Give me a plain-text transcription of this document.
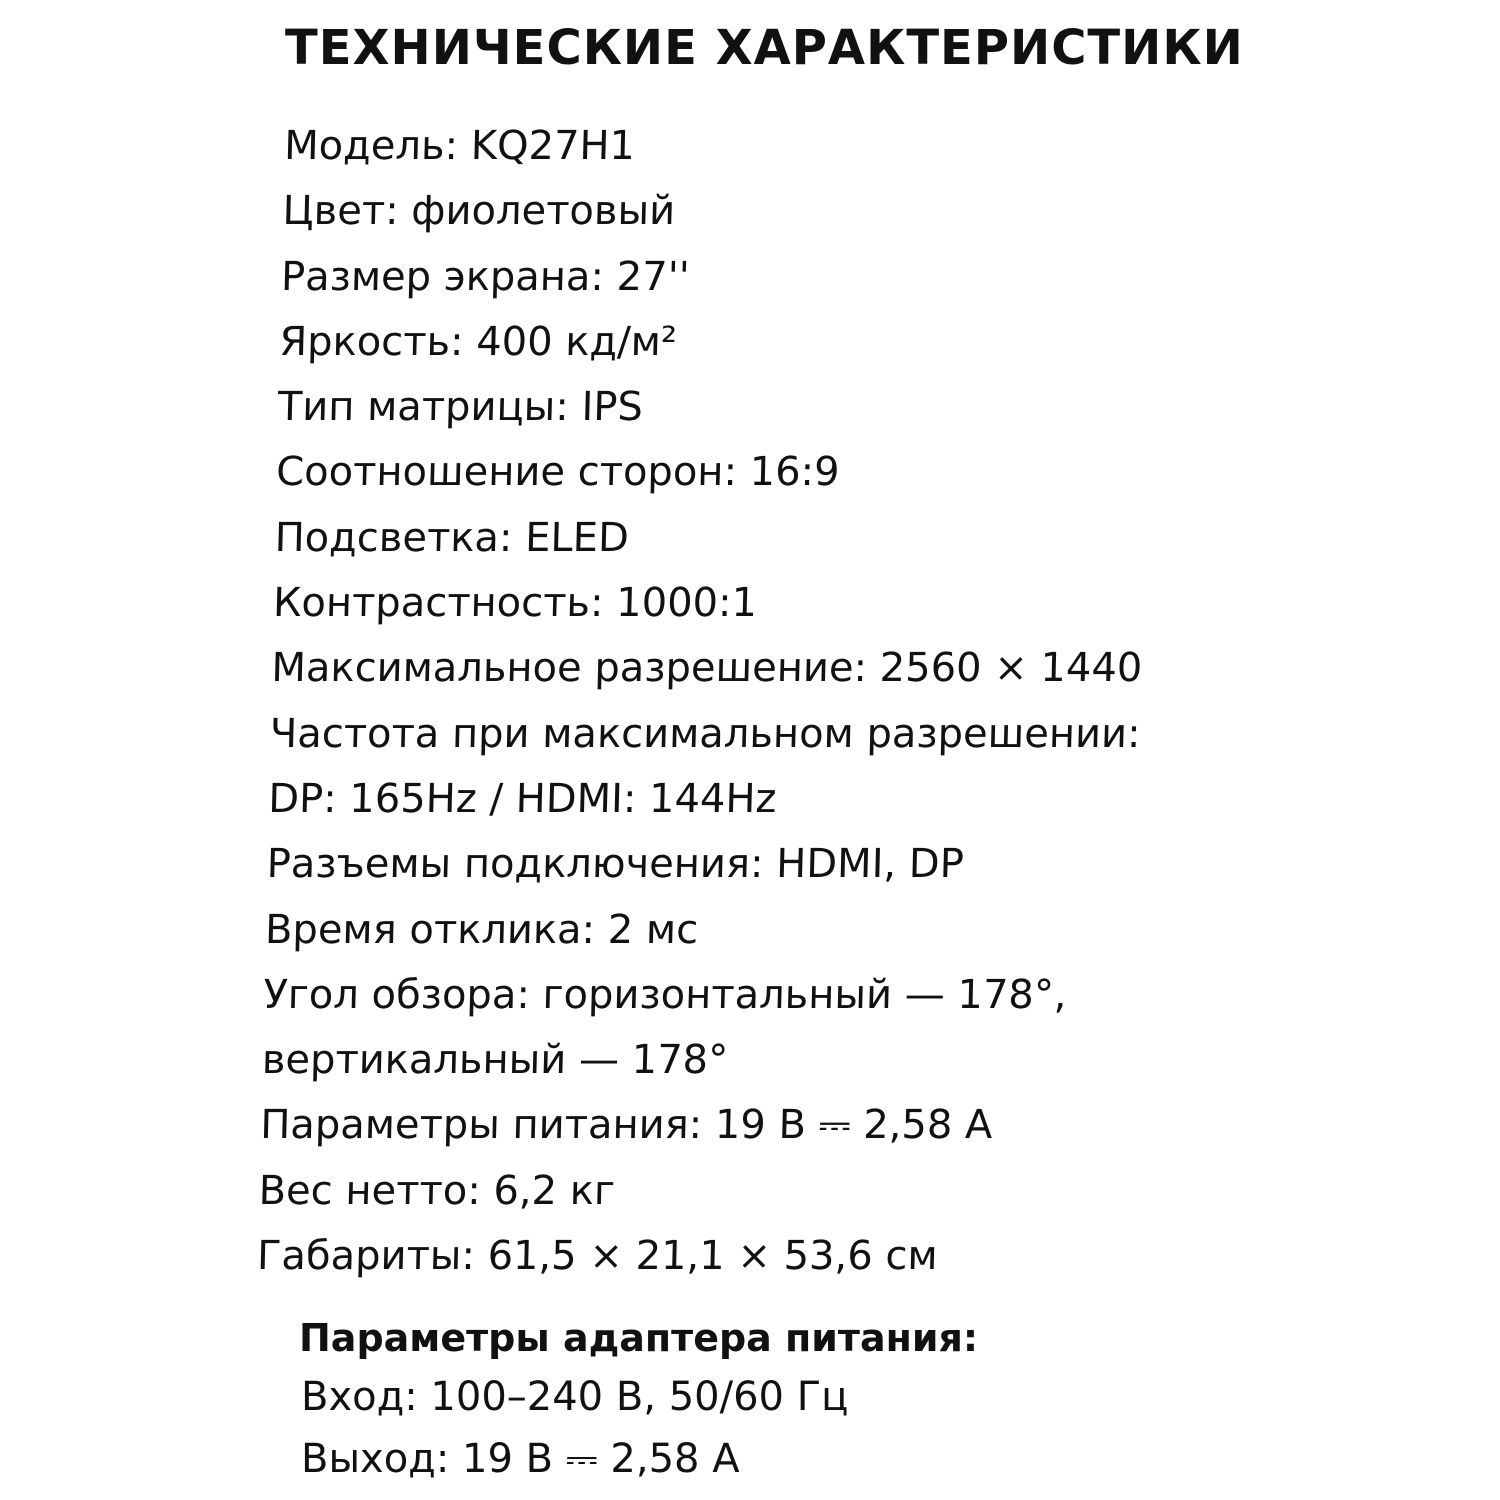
ТЕХНИЧЕСКИЕ ХАРАКТЕРИСТИКИ
Модель: KQ27H1
Цвет: фиолетовый
Размер экрана: 27''
Яркость: 400 кд/м²
Тип матрицы: IPS
Соотношение сторон: 16:9
Подсветка: ELED
Контрастность: 1000:1
Максимальное разрешение: 2560 × 1440
Частота при максимальном разрешении:
DP: 165Hz / HDMI: 144Hz
Разъемы подключения: HDMI, DP
Время отклика: 2 мс
Угол обзора: горизонтальный — 178°,
вертикальный — 178°
Параметры питания: 19 В ⎓ 2,58 А
Вес нетто: 6,2 кг
Габариты: 61,5 × 21,1 × 53,6 см
Параметры адаптера питания:
Вход: 100–240 В, 50/60 Гц
Выход: 19 В ⎓ 2,58 А
